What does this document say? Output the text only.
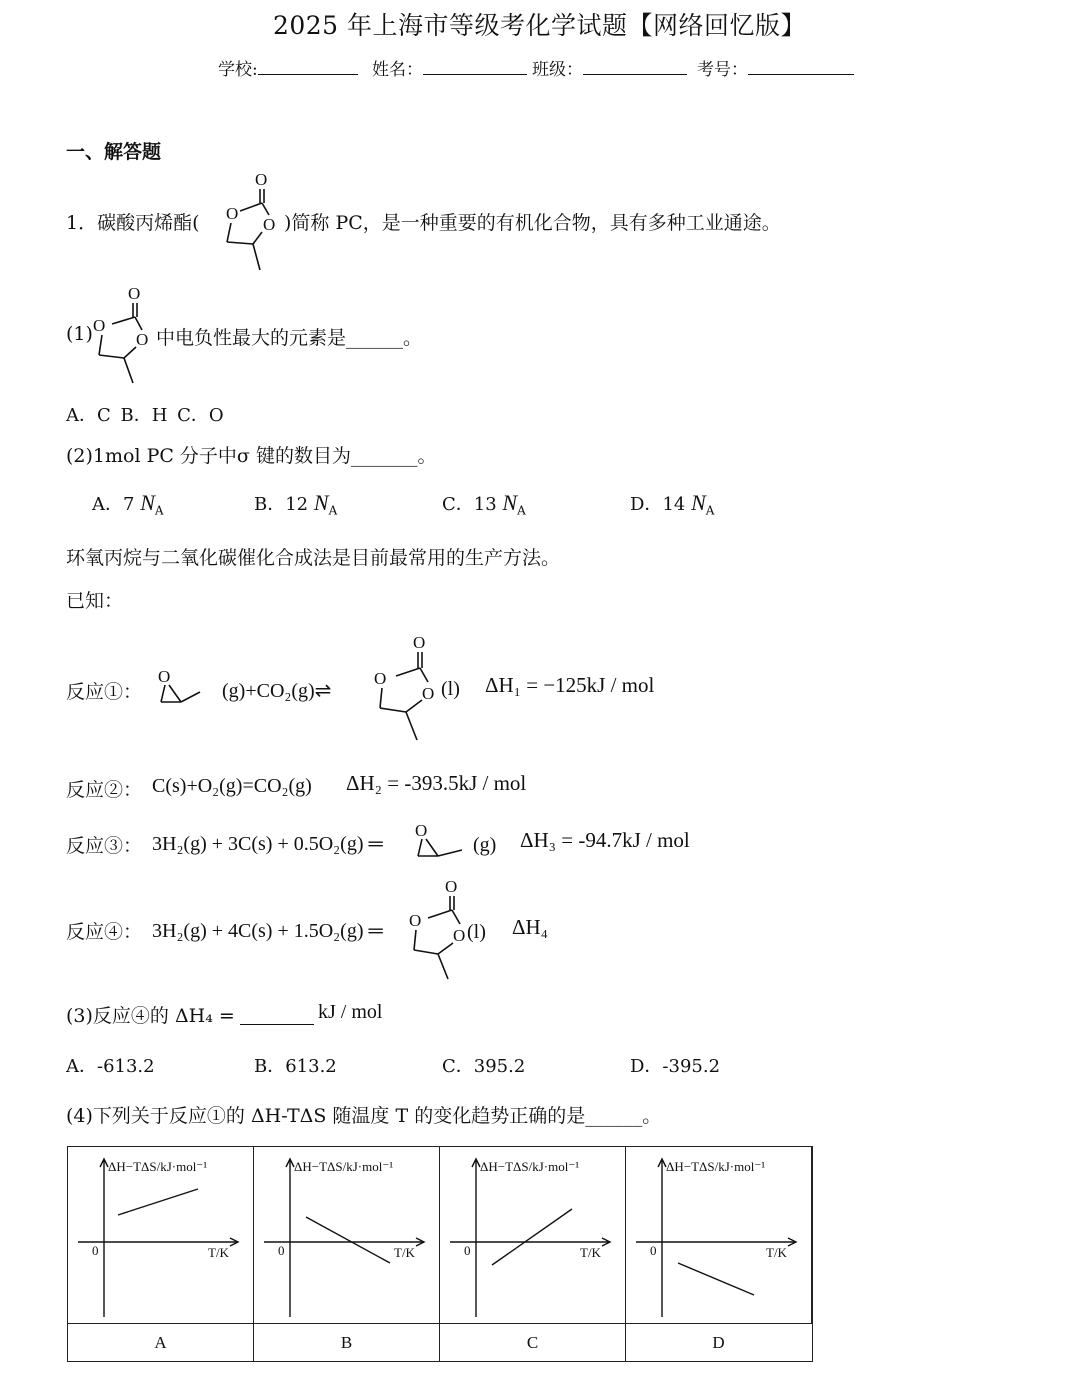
2025 年上海市等级考化学试题【网络回忆版】
学校:	姓名：	班级：	考号：
一、解答题
1．碳酸丙烯酯(
O
O
O )简称 PC，是一种重要的有机化合物，具有多种工业通途。
(1)
O
O
O 中电负性最大的元素是______。
A．C B．H C．O
(2)1mol PC 分子中σ 键的数目为_______。
A．7 $N_A$	B．12 $N_A$	C．13 $N_A$	D．14 $N_A$
环氧丙烷与二氧化碳催化合成法是目前最常用的生产方法。
已知：
反应①：
O
(g)+CO₂(g)⇌
O
O
O (l) ΔH₁ = −125kJ / mol
反应②： C(s)+O₂(g)=CO₂(g) ΔH₂ = -393.5kJ / mol
反应③： 3H₂(g) + 3C(s) + 0.5O₂(g) ═
O
(g) ΔH₃ = -94.7kJ / mol
反应④： 3H₂(g) + 4C(s) + 1.5O₂(g) ═
O
O
O (l) ΔH₄
(3)反应④的 ΔH₄ =	kJ / mol
A．-613.2	B．613.2	C．395.2	D．-395.2
(4)下列关于反应①的 ΔH-TΔS 随温度 T 的变化趋势正确的是______。
ΔH−TΔS/kJ·mol⁻¹
T/K
0
ΔH−TΔS/kJ·mol⁻¹
T/K
0
ΔH−TΔS/kJ·mol⁻¹
T/K
0
ΔH−TΔS/kJ·mol⁻¹
T/K
0
A	B	C	D
